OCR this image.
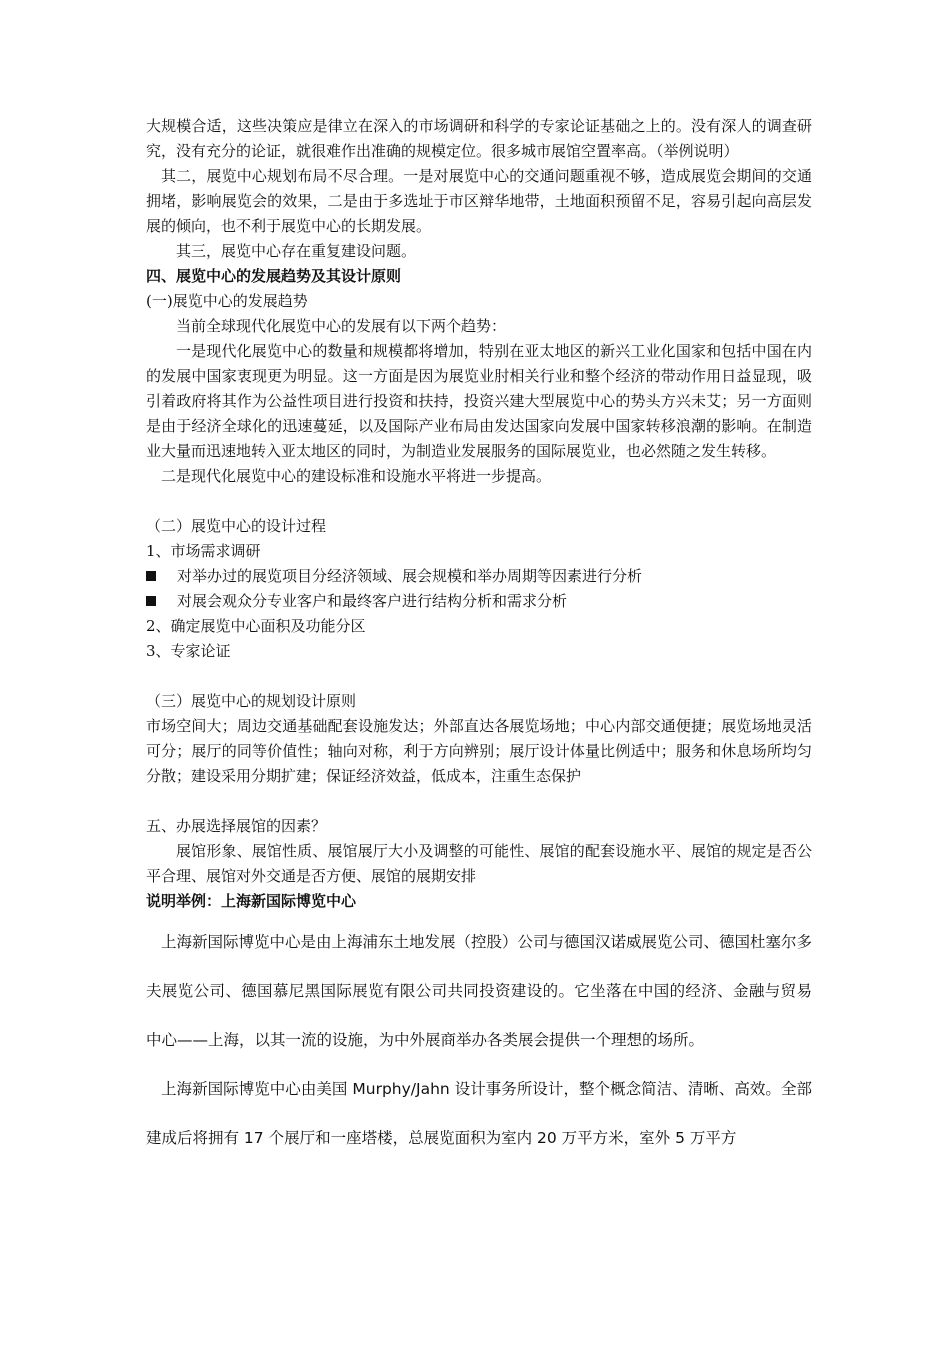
大规模合适，这些决策应是律立在深入的市场调研和科学的专家论证基础之上的。没有深人的调查研究，没有充分的论证，就很难作出准确的规模定位。很多城市展馆空置率高。（举例说明）

其二，展览中心规划布局不尽合理。一是对展览中心的交通问题重视不够，造成展览会期间的交通拥堵，影响展览会的效果，二是由于多选址于市区辩华地带，土地面积预留不足，容易引起向高层发展的倾向，也不利于展览中心的长期发展。

其三，展览中心存在重复建设问题。

四、展览中心的发展趋势及其设计原则

(一)展览中心的发展趋势

当前全球现代化展览中心的发展有以下两个趋势：

一是现代化展览中心的数量和规模都将增加，特别在亚太地区的新兴工业化国家和包括中国在内的发展中国家衷现更为明显。这一方面是因为展览业肘相关行业和整个经济的带动作用日益显现，吸引着政府将其作为公益性项目进行投资和扶持，投资兴建大型展览中心的势头方兴未艾；另一方面则是由于经济全球化的迅速蔓延，以及国际产业布局由发达国家向发展中国家转移浪潮的影响。在制造业大量而迅速地转入亚太地区的同时，为制造业发展服务的国际展览业，也必然随之发生转移。

二是现代化展览中心的建设标准和设施水平将进一步提高。

（二）展览中心的设计过程

1、市场需求调研

对举办过的展览项目分经济领域、展会规模和举办周期等因素进行分析
对展会观众分专业客户和最终客户进行结构分析和需求分析

2、确定展览中心面积及功能分区

3、专家论证

（三）展览中心的规划设计原则

市场空间大；周边交通基础配套设施发达；外部直达各展览场地；中心内部交通便捷；展览场地灵活可分；展厅的同等价值性；轴向对称，利于方向辨别；展厅设计体量比例适中；服务和休息场所均匀分散；建设采用分期扩建；保证经济效益，低成本，注重生态保护

五、办展选择展馆的因素？

展馆形象、展馆性质、展馆展厅大小及调整的可能性、展馆的配套设施水平、展馆的规定是否公平合理、展馆对外交通是否方便、展馆的展期安排

说明举例：上海新国际博览中心

上海新国际博览中心是由上海浦东土地发展（控股）公司与德国汉诺威展览公司、德国杜塞尔多夫展览公司、德国慕尼黑国际展览有限公司共同投资建设的。它坐落在中国的经济、金融与贸易中心——上海，以其一流的设施，为中外展商举办各类展会提供一个理想的场所。

上海新国际博览中心由美国 Murphy/Jahn 设计事务所设计，整个概念简洁、清晰、高效。全部建成后将拥有 17 个展厅和一座塔楼，总展览面积为室内 20 万平方米，室外 5 万平方
